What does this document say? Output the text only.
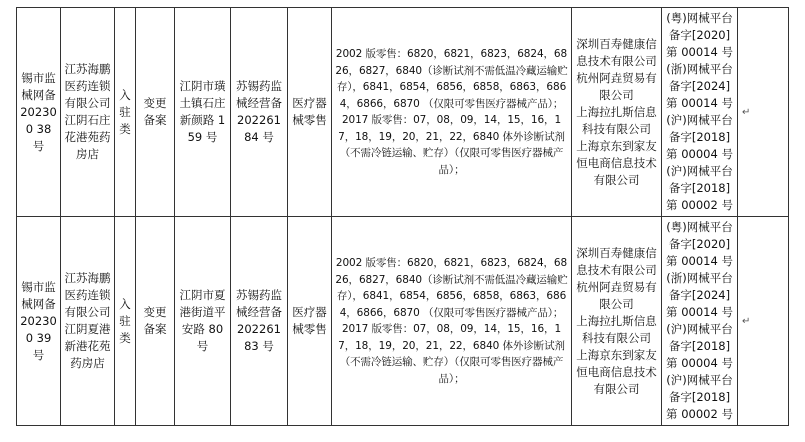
锡市监械网备202300 38 号	江苏海鹏医药连锁有限公司江阴石庄花港苑药房店	入驻类	变更备案	江阴市璜土镇石庄新颜路 159 号	苏锡药监械经营备 20226184 号	医疗器械零售	2002 版零售：6820，6821，6823，6824，6826，6827，6840（诊断试剂不需低温冷藏运输贮存），6841，6854，6856，6858，6863，6864，6866，6870 （仅限可零售医疗器械产品）；
2017 版零售：07，08，09，14，15，16，17，18，19，20，21，22，6840 体外诊断试剂（不需冷链运输、贮存）（仅限可零售医疗器械产品）；	深圳百寿健康信息技术有限公司
杭州阿垚贸易有限公司
上海拉扎斯信息科技有限公司
上海京东到家友恒电商信息技术有限公司	(粤)网械平台备字[2020]第 00014 号
(浙)网械平台备字[2024]第 00014 号
(沪)网械平台备字[2018]第 00004 号
(沪)网械平台备字[2018]第 00002 号	↵
锡市监械网备202300 39 号	江苏海鹏医药连锁有限公司江阴夏港新港花苑药房店	入驻类	变更备案	江阴市夏港街道平安路 80 号	苏锡药监械经营备 20226183 号	医疗器械零售	2002 版零售：6820，6821，6823，6824，6826，6827，6840（诊断试剂不需低温冷藏运输贮存），6841，6854，6856，6858，6863，6864，6866，6870 （仅限可零售医疗器械产品）；
2017 版零售：07，08，09，14，15，16，17，18，19，20，21，22，6840 体外诊断试剂（不需冷链运输、贮存）（仅限可零售医疗器械产品）；	深圳百寿健康信息技术有限公司
杭州阿垚贸易有限公司
上海拉扎斯信息科技有限公司
上海京东到家友恒电商信息技术有限公司	(粤)网械平台备字[2020]第 00014 号
(浙)网械平台备字[2024]第 00014 号
(沪)网械平台备字[2018]第 00004 号
(沪)网械平台备字[2018]第 00002 号	↵
